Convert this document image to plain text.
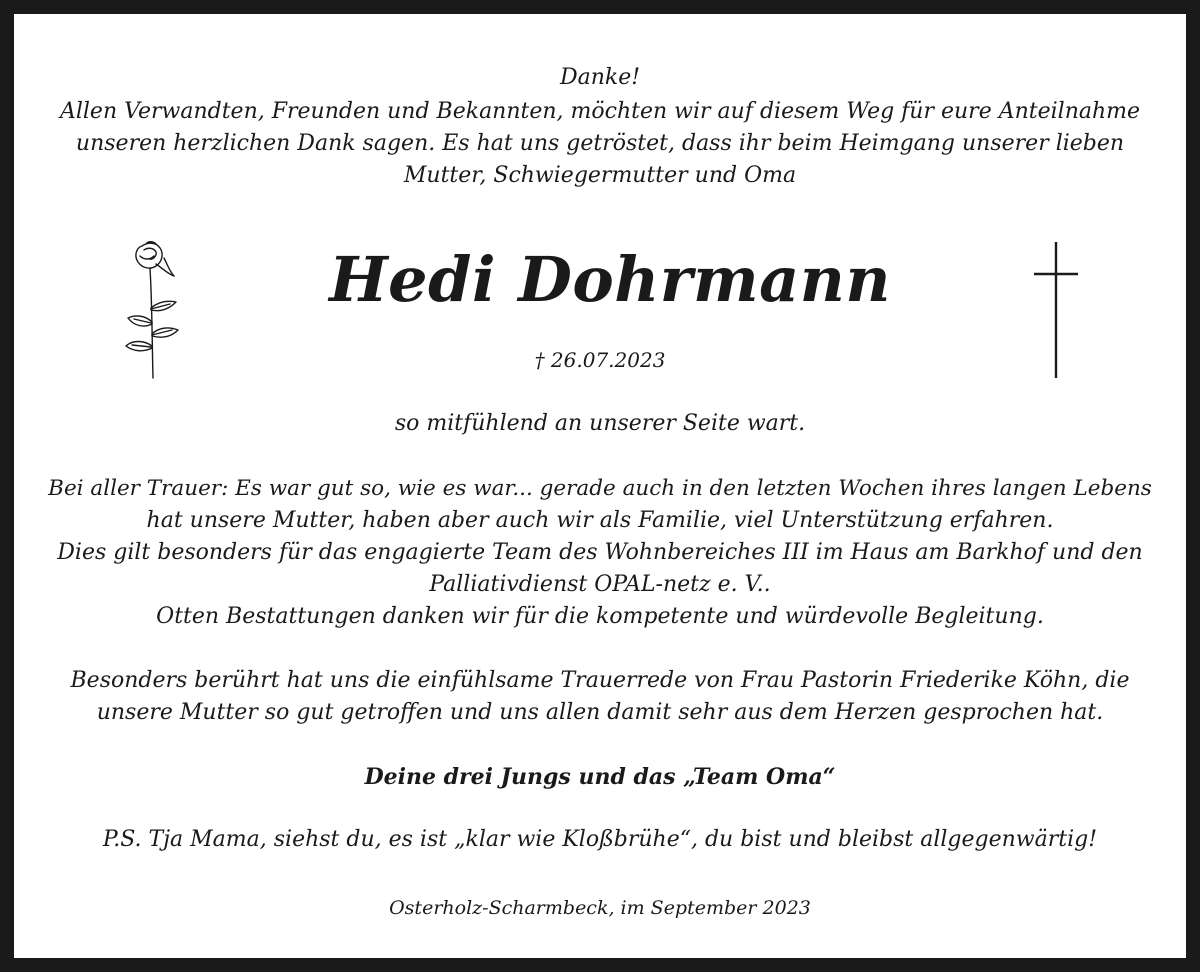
Danke!
Allen Verwandten, Freunden und Bekannten, möchten wir auf diesem Weg für eure Anteilnahme
unseren herzlichen Dank sagen. Es hat uns getröstet, dass ihr beim Heimgang unserer lieben
Mutter, Schwiegermutter und Oma
Hedi Dohrmann
† 26.07.2023
so mitfühlend an unserer Seite wart.
Bei aller Trauer: Es war gut so, wie es war... gerade auch in den letzten Wochen ihres langen Lebens
hat unsere Mutter, haben aber auch wir als Familie, viel Unterstützung erfahren.
Dies gilt besonders für das engagierte Team des Wohnbereiches III im Haus am Barkhof und den
Palliativdienst OPAL-netz e. V..
Otten Bestattungen danken wir für die kompetente und würdevolle Begleitung.
Besonders berührt hat uns die einfühlsame Trauerrede von Frau Pastorin Friederike Köhn, die
unsere Mutter so gut getroffen und uns allen damit sehr aus dem Herzen gesprochen hat.
Deine drei Jungs und das „Team Oma“
P.S. Tja Mama, siehst du, es ist „klar wie Kloßbrühe“, du bist und bleibst allgegenwärtig!
Osterholz-Scharmbeck, im September 2023
